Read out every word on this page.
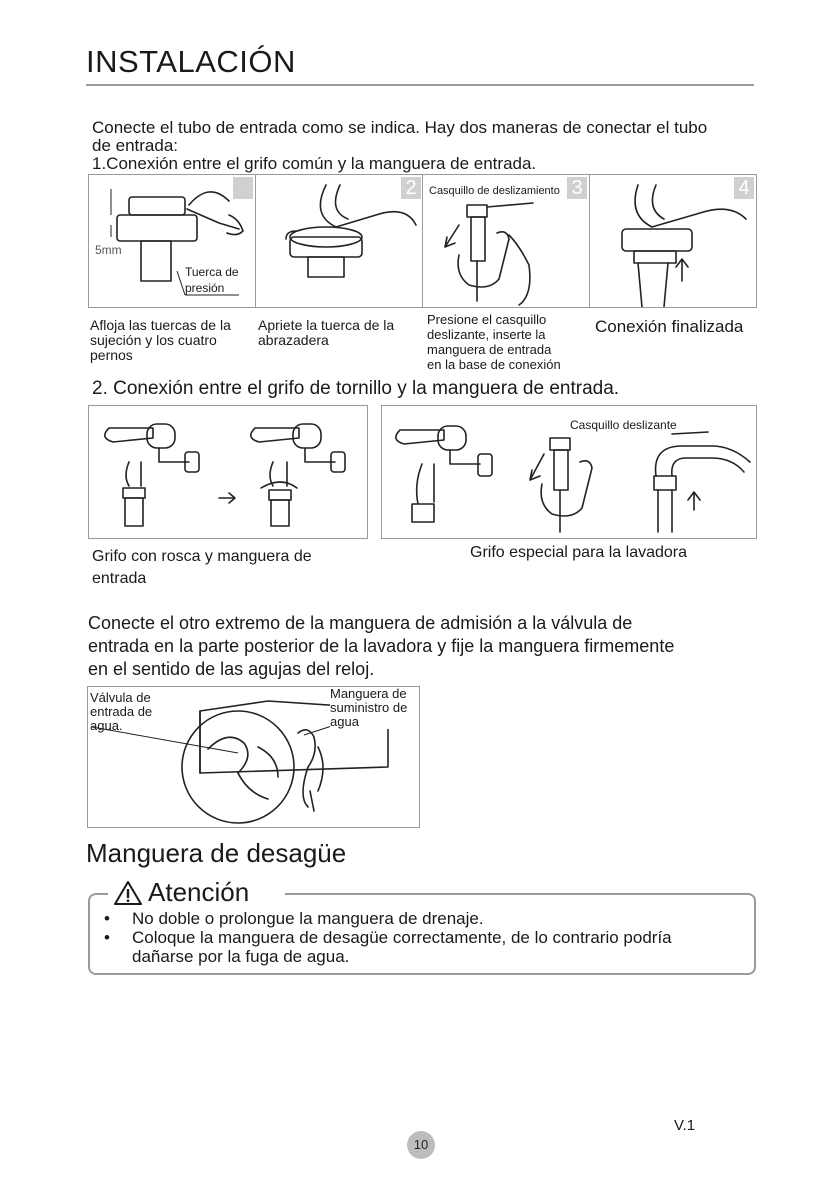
INSTALACIÓN
Conecte el tubo de entrada como se indica. Hay dos maneras de conectar el tubo
de entrada:
1.Conexión entre el grifo común y la manguera de entrada.
5mm
Tuerca de
presión
2	3
Casquillo de deslizamiento	4
Afloja las tuercas de la
sujeción y los cuatro
pernos
Apriete la tuerca de la
abrazadera
Presione el casquillo
deslizante, inserte la
manguera de entrada
en la base de conexión
Conexión finalizada
2. Conexión entre el grifo de tornillo y la manguera de entrada.
Casquillo deslizante
Grifo con rosca y manguera de
entrada
Grifo especial para la lavadora
Conecte el otro extremo de la manguera de admisión a la válvula de
entrada en la parte posterior de la lavadora y fije la manguera firmemente
en el sentido de las agujas del reloj.
Válvula de
entrada de
agua.
Manguera de
suministro de
agua
Manguera de desagüe
Atención
•	No doble o prolongue la manguera de drenaje.
•	Coloque la manguera de desagüe correctamente, de lo contrario podría
dañarse por la fuga de agua.
V.1
10
